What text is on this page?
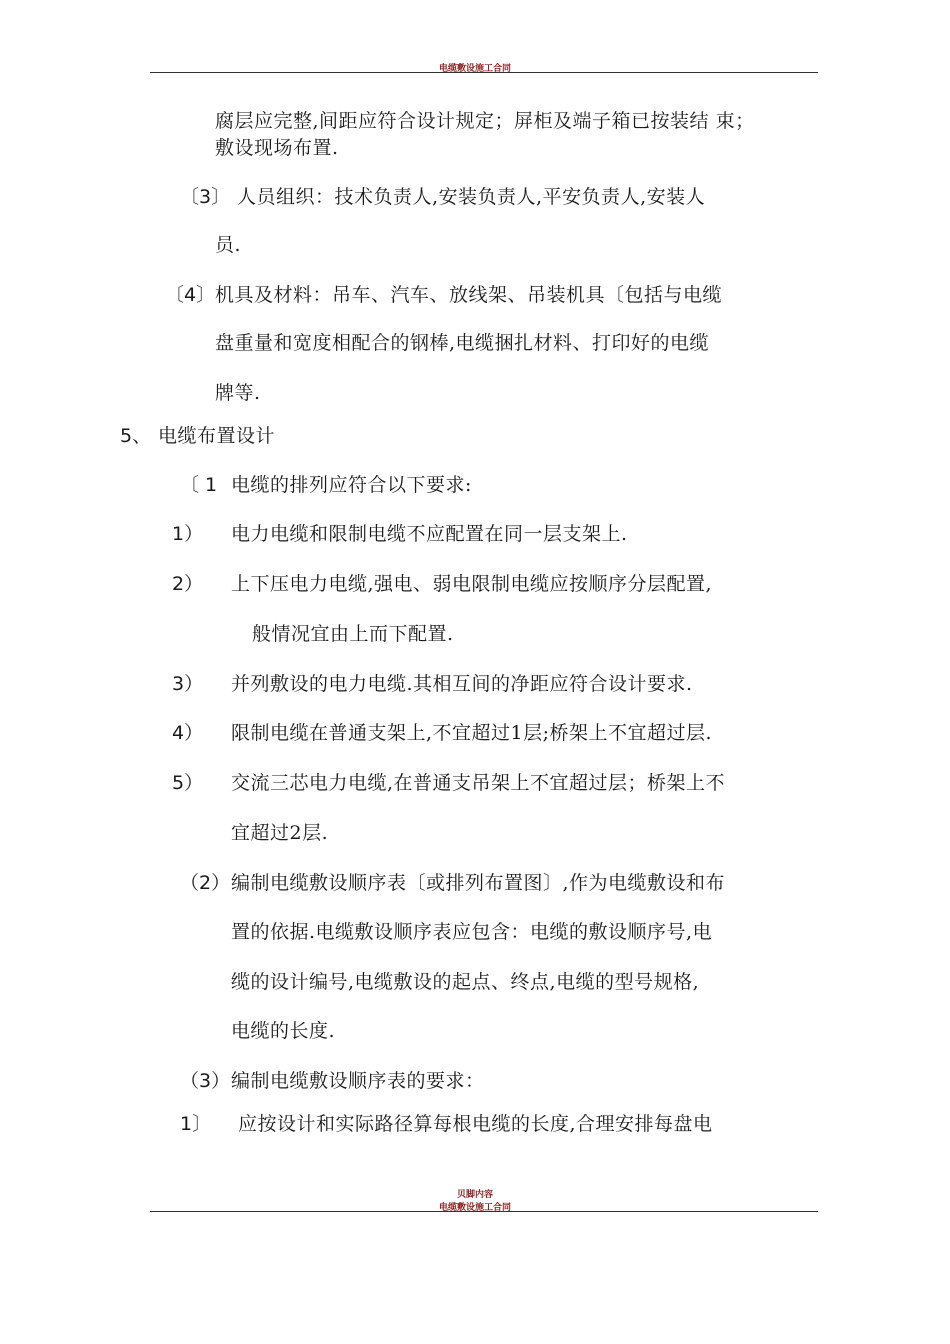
电缆敷设施工合同
腐层应完整,间距应符合设计规定；屏柜及端子箱已按装结 束；
敷设现场布置.
〔3〕 人员组织：技术负责人,安装负责人,平安负责人,安装人
员.
〔4〕 机具及材料：吊车、汽车、放线架、吊装机具〔包括与电缆
盘重量和宽度相配合的钢棒,电缆捆扎材料、打印好的电缆
牌等.
5、 电缆布置设计
〔 1 电缆的排列应符合以下要求:
1） 电力电缆和限制电缆不应配置在同一层支架上.
2） 上下压电力电缆,强电、弱电限制电缆应按顺序分层配置,
般情况宜由上而下配置.
3） 并列敷设的电力电缆.其相互间的净距应符合设计要求.
4） 限制电缆在普通支架上,不宜超过1层;桥架上不宜超过层.
5） 交流三芯电力电缆,在普通支吊架上不宜超过层；桥架上不
宜超过2层.
（2） 编制电缆敷设顺序表〔或排列布置图〕,作为电缆敷设和布
置的依据.电缆敷设顺序表应包含：电缆的敷设顺序号,电
缆的设计编号,电缆敷设的起点、终点,电缆的型号规格,
电缆的长度.
（3） 编制电缆敷设顺序表的要求：
1〕 应按设计和实际路径算每根电缆的长度,合理安排每盘电
贝脚内容
电缆敷设施工合同
